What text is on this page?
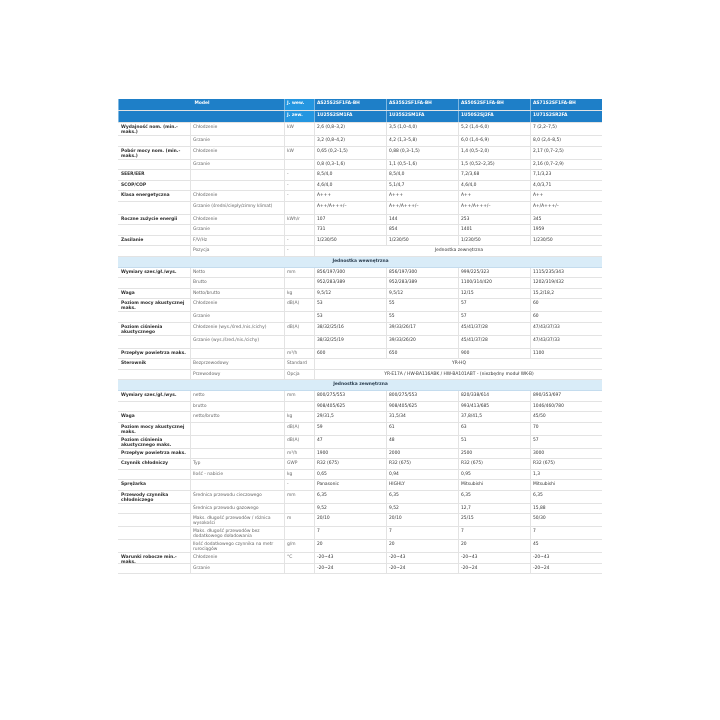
Model	J. wew.	AS25S2SF1FA-BH	AS35S2SF1FA-BH	AS50S2SF1FA-BH	AS71S2SF1FA-BH
J. zew.	1U25S2SM1FA	1U35S2SM1FA	1U50S2SJ2FA	1U71S2SR2FA
Wydajność nom. (min.-maks.)
Chłodzenie	kW	2,6 (0,8–3,2)	3,5 (1,0–4,0)	5,2 (1,4–6,0)	7 (2,2–7,5)
Grzanie	3,2 (0,8–4,2)	4,2 (1,3–5,8)	6,0 (1,4–6,9)	8,0 (2,4–8,5)
Pobór mocy nom. (min.-maks.)
Chłodzenie	kW	0,65 (0,2–1,5)	0,88 (0,3–1,5)	1,4 (0,5–2,0)	2,17 (0,7–2,5)
Grzanie	0,8 (0,3–1,6)	1,1 (0,5–1,6)	1,5 (0,52–2,35)	2,16 (0,7–2,9)
SEER/EER	-	8,5/4,0	8,5/4,0	7,2/3,68	7,1/3,23
SCOP/COP	-	4,6/4,0	5,1/4,7	4,6/4,0	4,0/3,71
Klasa energetyczna	Chłodzenie	-	A+++	A+++	A++	A++
Grzanie (średni/ciepły/zimny klimat)	A++/A+++/–	A++/A+++/–	A++/A+++/–	A+/A+++/–
Roczne zużycie energii	Chłodzenie	kWh/r	107	144	253	345
Grzanie	731	854	1401	1959
Zasilanie	F/V/Hz	-	1/230/50	1/230/50	1/230/50	1/230/50
Pozycja	-	Jednostka zewnętrzna
Jednostka wewnętrzna
Wymiary szer./gł./wys.	Netto	mm	856/197/300	856/197/300	999/225/323	1115/235/343
Brutto	952/283/389	952/283/389	1100/314/420	1202/319/432
Waga	Netto/brutto	kg	9,5/12	9,5/12	12/15	15,2/18,2
Poziom mocy akustycznej maks.
Chłodzenie	dB(A)	53	55	57	60
Grzanie	53	55	57	60
Poziom ciśnienia akustycznego
Chłodzenie (wys./śred./nis./cichy)	dB(A)	38/32/25/16	39/33/26/17	45/41/37/28	47/43/37/33
Grzanie (wys./śred./nis./cichy)	38/32/25/19	39/33/26/20	45/41/37/28	47/43/37/33
Przepływ powietrza maks.	m³/h	600	650	900	1100
Sterownik	Bezprzewodowy	Standard	YR-HQ
Przewodowy	Opcja	YR-E17A / HW-BA116ABK / HW-BA101ABT - (niezbędny moduł WK-B)
Jednostka zewnętrzna
Wymiary szer./gł./wys.	netto	mm	800/275/553	800/275/553	820/338/614	890/353/697
brutto	908/405/625	908/405/625	993/413/685	1046/460/780
Waga	netto/brutto	kg	29/31,5	31,5/34	37,8/41,5	45/50
Poziom mocy akustycznej maks.
dB(A)	59	61	63	70
Poziom ciśnienia akustycznego maks.
dB(A)	47	48	51	57
Przepływ powietrza maks.	m³/h	1900	2000	2500	3000
Czynnik chłodniczy	Typ	GWP	R32 (675)	R32 (675)	R32 (675)	R32 (675)
Ilość - nabicie	kg	0,65	0,94	0,95	1,3
Sprężarka	-	Panasonic	HIGHLY	Mitsubishi	Mitsubishi
Przewody czynnika chłodniczego
Średnica przewodu cieczowego	mm	6,35	6,35	6,35	6,35
Średnica przewodu gazowego	9,52	9,52	12,7	15,88
Maks. długość przewodów / różnica wysokości
m	20/10	20/10	25/15	50/30
Maks. długość przewodów bez dodatkowego doładowania
7	7	7	7
Ilość dodatkowego czynnika na metr rurociągów
g/m	20	20	20	45
Warunki robocze min.-maks.
Chłodzenie	°C	-20~43	-20~43	-20~43	-20~43
Grzanie	-20~24	-20~24	-20~24	-20~24
